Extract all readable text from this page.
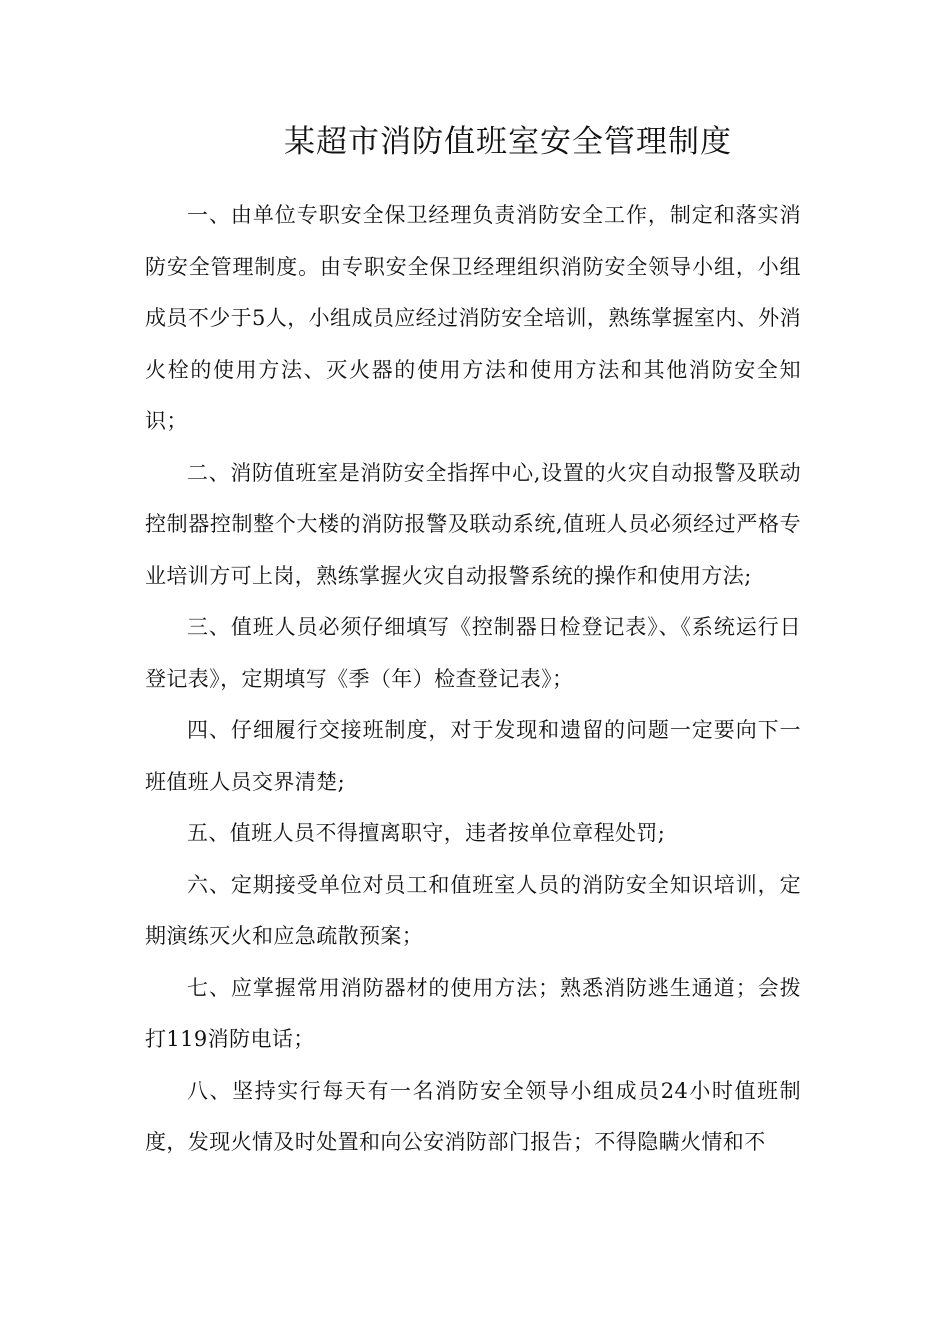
某超市消防值班室安全管理制度

一、由单位专职安全保卫经理负责消防安全工作，制定和落实消防安全管理制度。由专职安全保卫经理组织消防安全领导小组，小组成员不少于5人，小组成员应经过消防安全培训，熟练掌握室内、外消火栓的使用方法、灭火器的使用方法和使用方法和其他消防安全知识；

二、消防值班室是消防安全指挥中心,设置的火灾自动报警及联动控制器控制整个大楼的消防报警及联动系统,值班人员必须经过严格专业培训方可上岗，熟练掌握火灾自动报警系统的操作和使用方法;

三、值班人员必须仔细填写《控制器日检登记表》、《系统运行日登记表》，定期填写《季（年）检查登记表》；

四、仔细履行交接班制度，对于发现和遗留的问题一定要向下一班值班人员交界清楚;

五、值班人员不得擅离职守，违者按单位章程处罚;

六、定期接受单位对员工和值班室人员的消防安全知识培训，定期演练灭火和应急疏散预案；

七、应掌握常用消防器材的使用方法；熟悉消防逃生通道；会拨打119消防电话；

八、坚持实行每天有一名消防安全领导小组成员24小时值班制度，发现火情及时处置和向公安消防部门报告；不得隐瞒火情和不
